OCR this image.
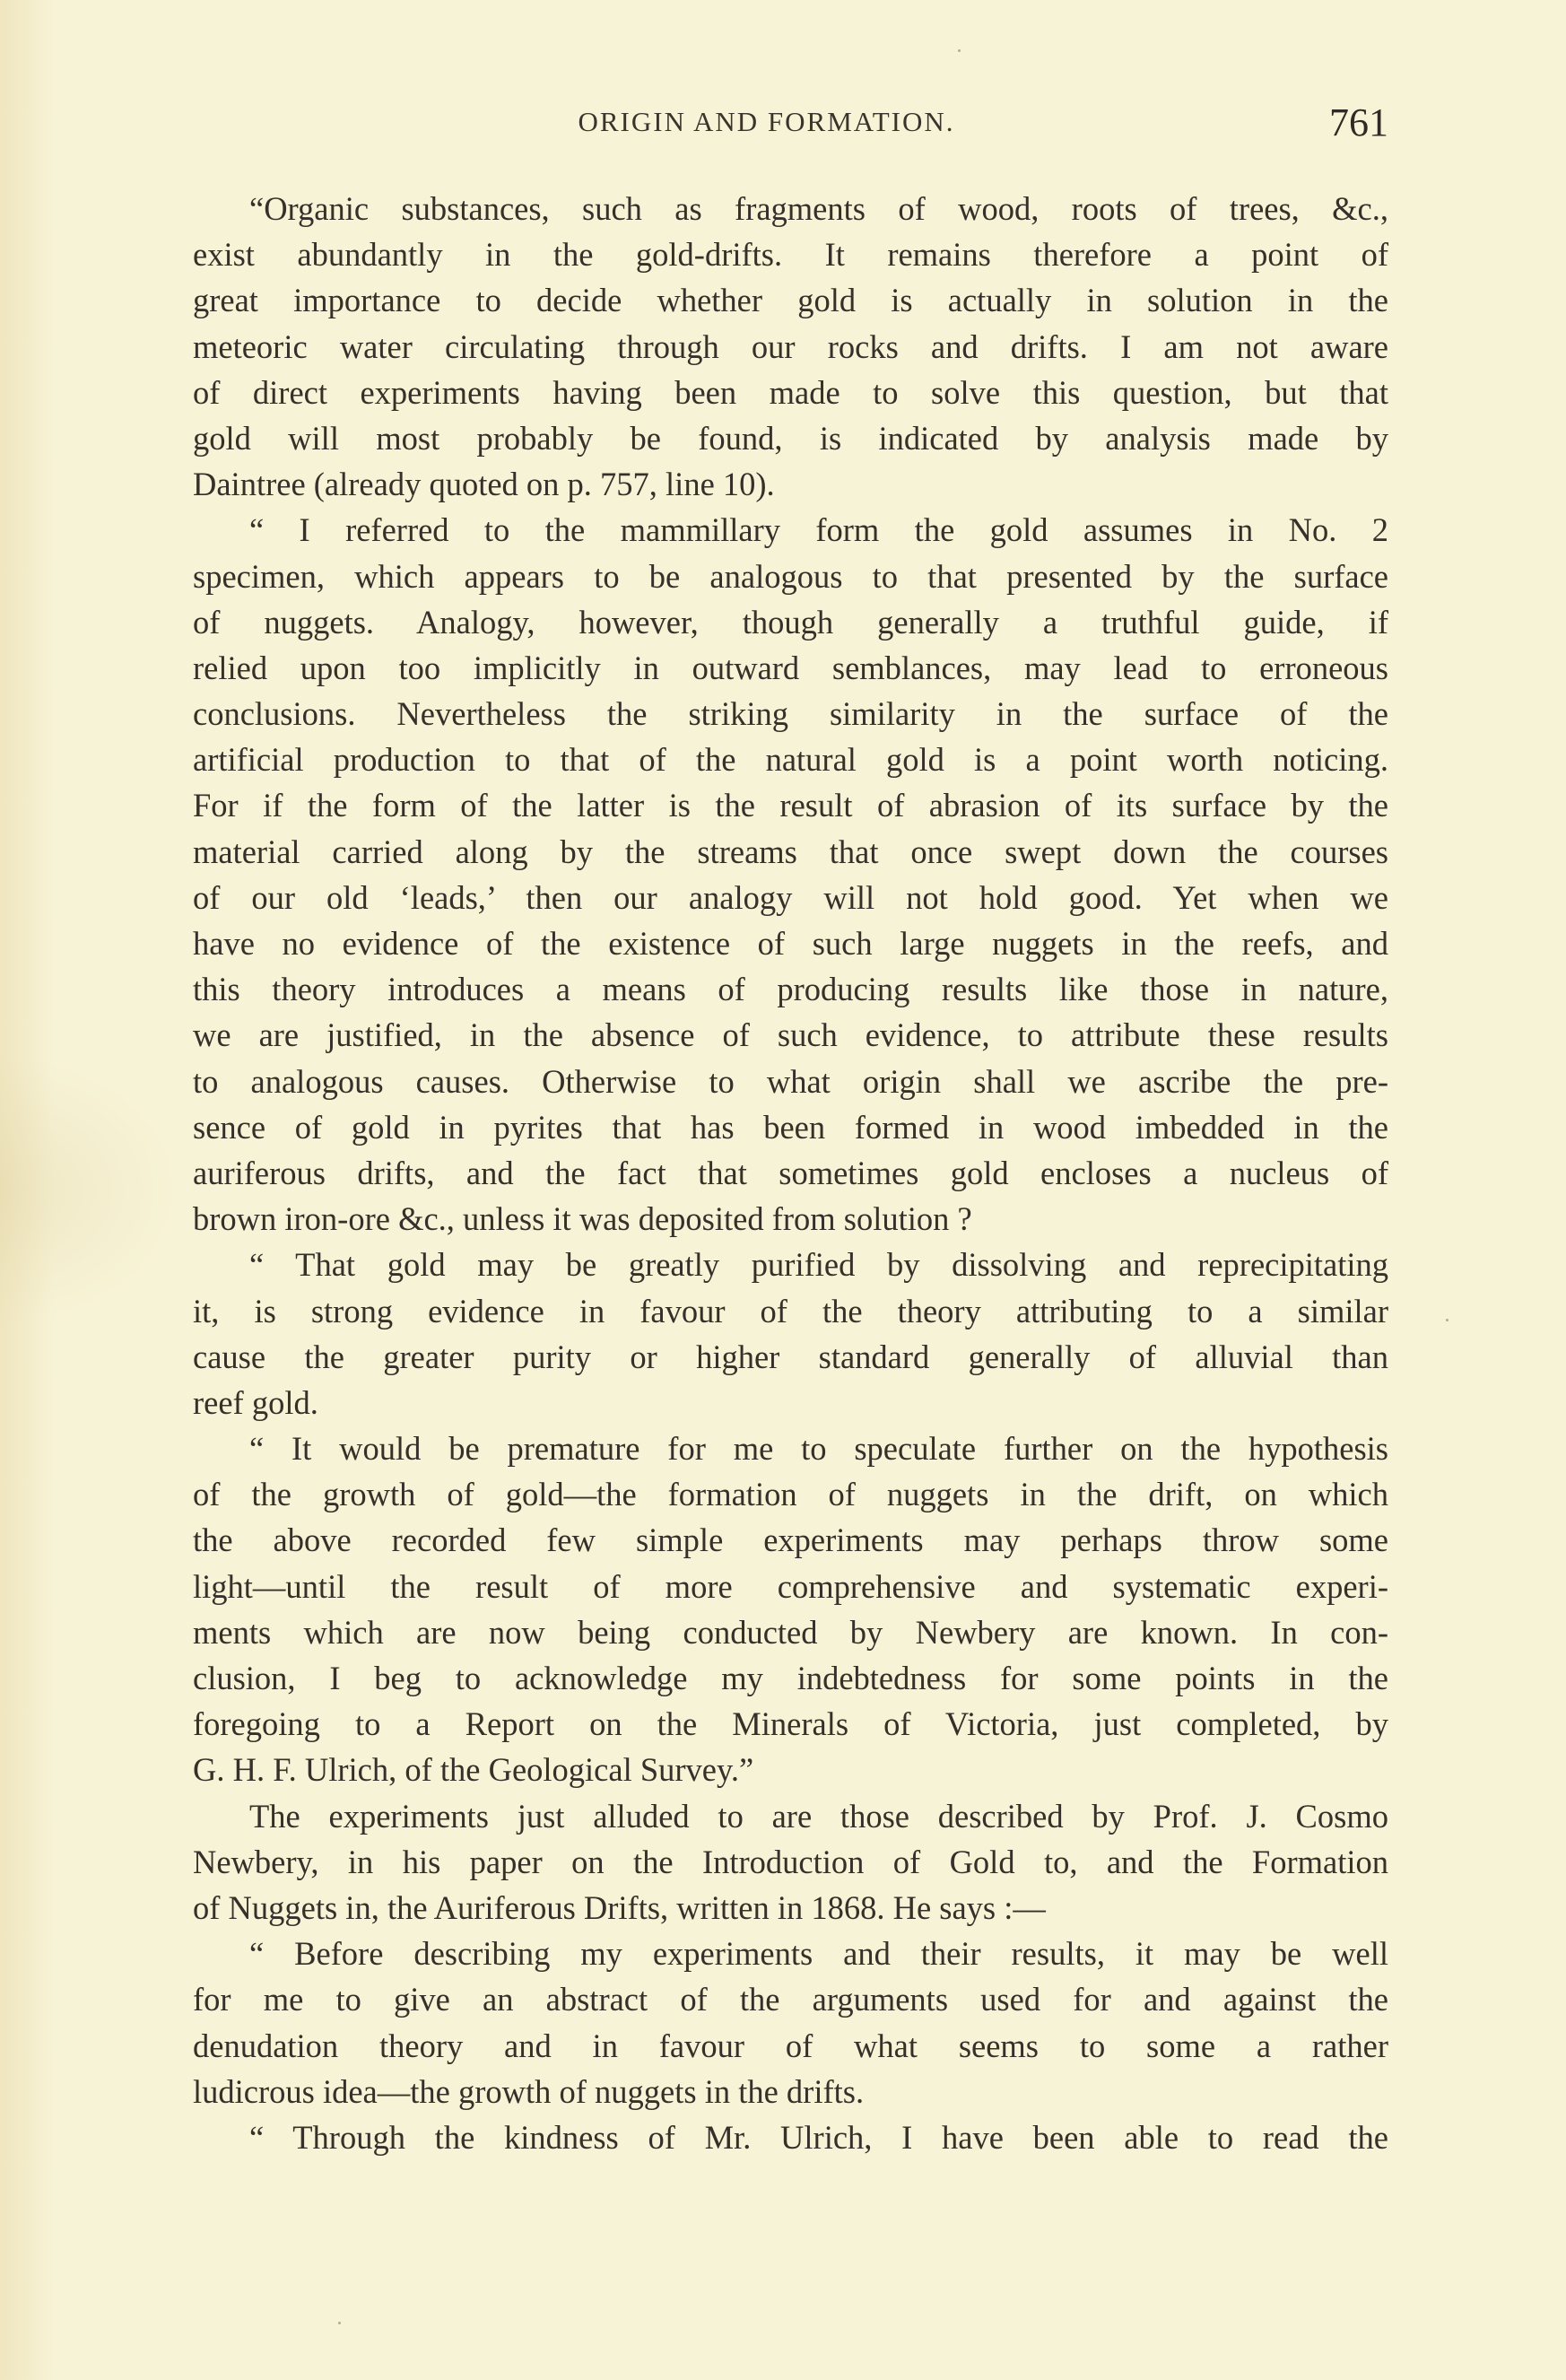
ORIGIN AND FORMATION.	761
“Organic substances, such as fragments of wood, roots of trees, &c.,
exist abundantly in the gold-drifts. It remains therefore a point of
great importance to decide whether gold is actually in solution in the
meteoric water circulating through our rocks and drifts. I am not aware
of direct experiments having been made to solve this question, but that
gold will most probably be found, is indicated by analysis made by
Daintree (already quoted on p. 757, line 10).
“ I referred to the mammillary form the gold assumes in No. 2
specimen, which appears to be analogous to that presented by the surface
of nuggets. Analogy, however, though generally a truthful guide, if
relied upon too implicitly in outward semblances, may lead to erroneous
conclusions. Nevertheless the striking similarity in the surface of the
artificial production to that of the natural gold is a point worth noticing.
For if the form of the latter is the result of abrasion of its surface by the
material carried along by the streams that once swept down the courses
of our old ‘leads,’ then our analogy will not hold good. Yet when we
have no evidence of the existence of such large nuggets in the reefs, and
this theory introduces a means of producing results like those in nature,
we are justified, in the absence of such evidence, to attribute these results
to analogous causes. Otherwise to what origin shall we ascribe the pre-
sence of gold in pyrites that has been formed in wood imbedded in the
auriferous drifts, and the fact that sometimes gold encloses a nucleus of
brown iron-ore &c., unless it was deposited from solution ?
“ That gold may be greatly purified by dissolving and reprecipitating
it, is strong evidence in favour of the theory attributing to a similar
cause the greater purity or higher standard generally of alluvial than
reef gold.
“ It would be premature for me to speculate further on the hypothesis
of the growth of gold—the formation of nuggets in the drift, on which
the above recorded few simple experiments may perhaps throw some
light—until the result of more comprehensive and systematic experi-
ments which are now being conducted by Newbery are known. In con-
clusion, I beg to acknowledge my indebtedness for some points in the
foregoing to a Report on the Minerals of Victoria, just completed, by
G. H. F. Ulrich, of the Geological Survey.”
The experiments just alluded to are those described by Prof. J. Cosmo
Newbery, in his paper on the Introduction of Gold to, and the Formation
of Nuggets in, the Auriferous Drifts, written in 1868. He says :—
“ Before describing my experiments and their results, it may be well
for me to give an abstract of the arguments used for and against the
denudation theory and in favour of what seems to some a rather
ludicrous idea—the growth of nuggets in the drifts.
“ Through the kindness of Mr. Ulrich, I have been able to read the
